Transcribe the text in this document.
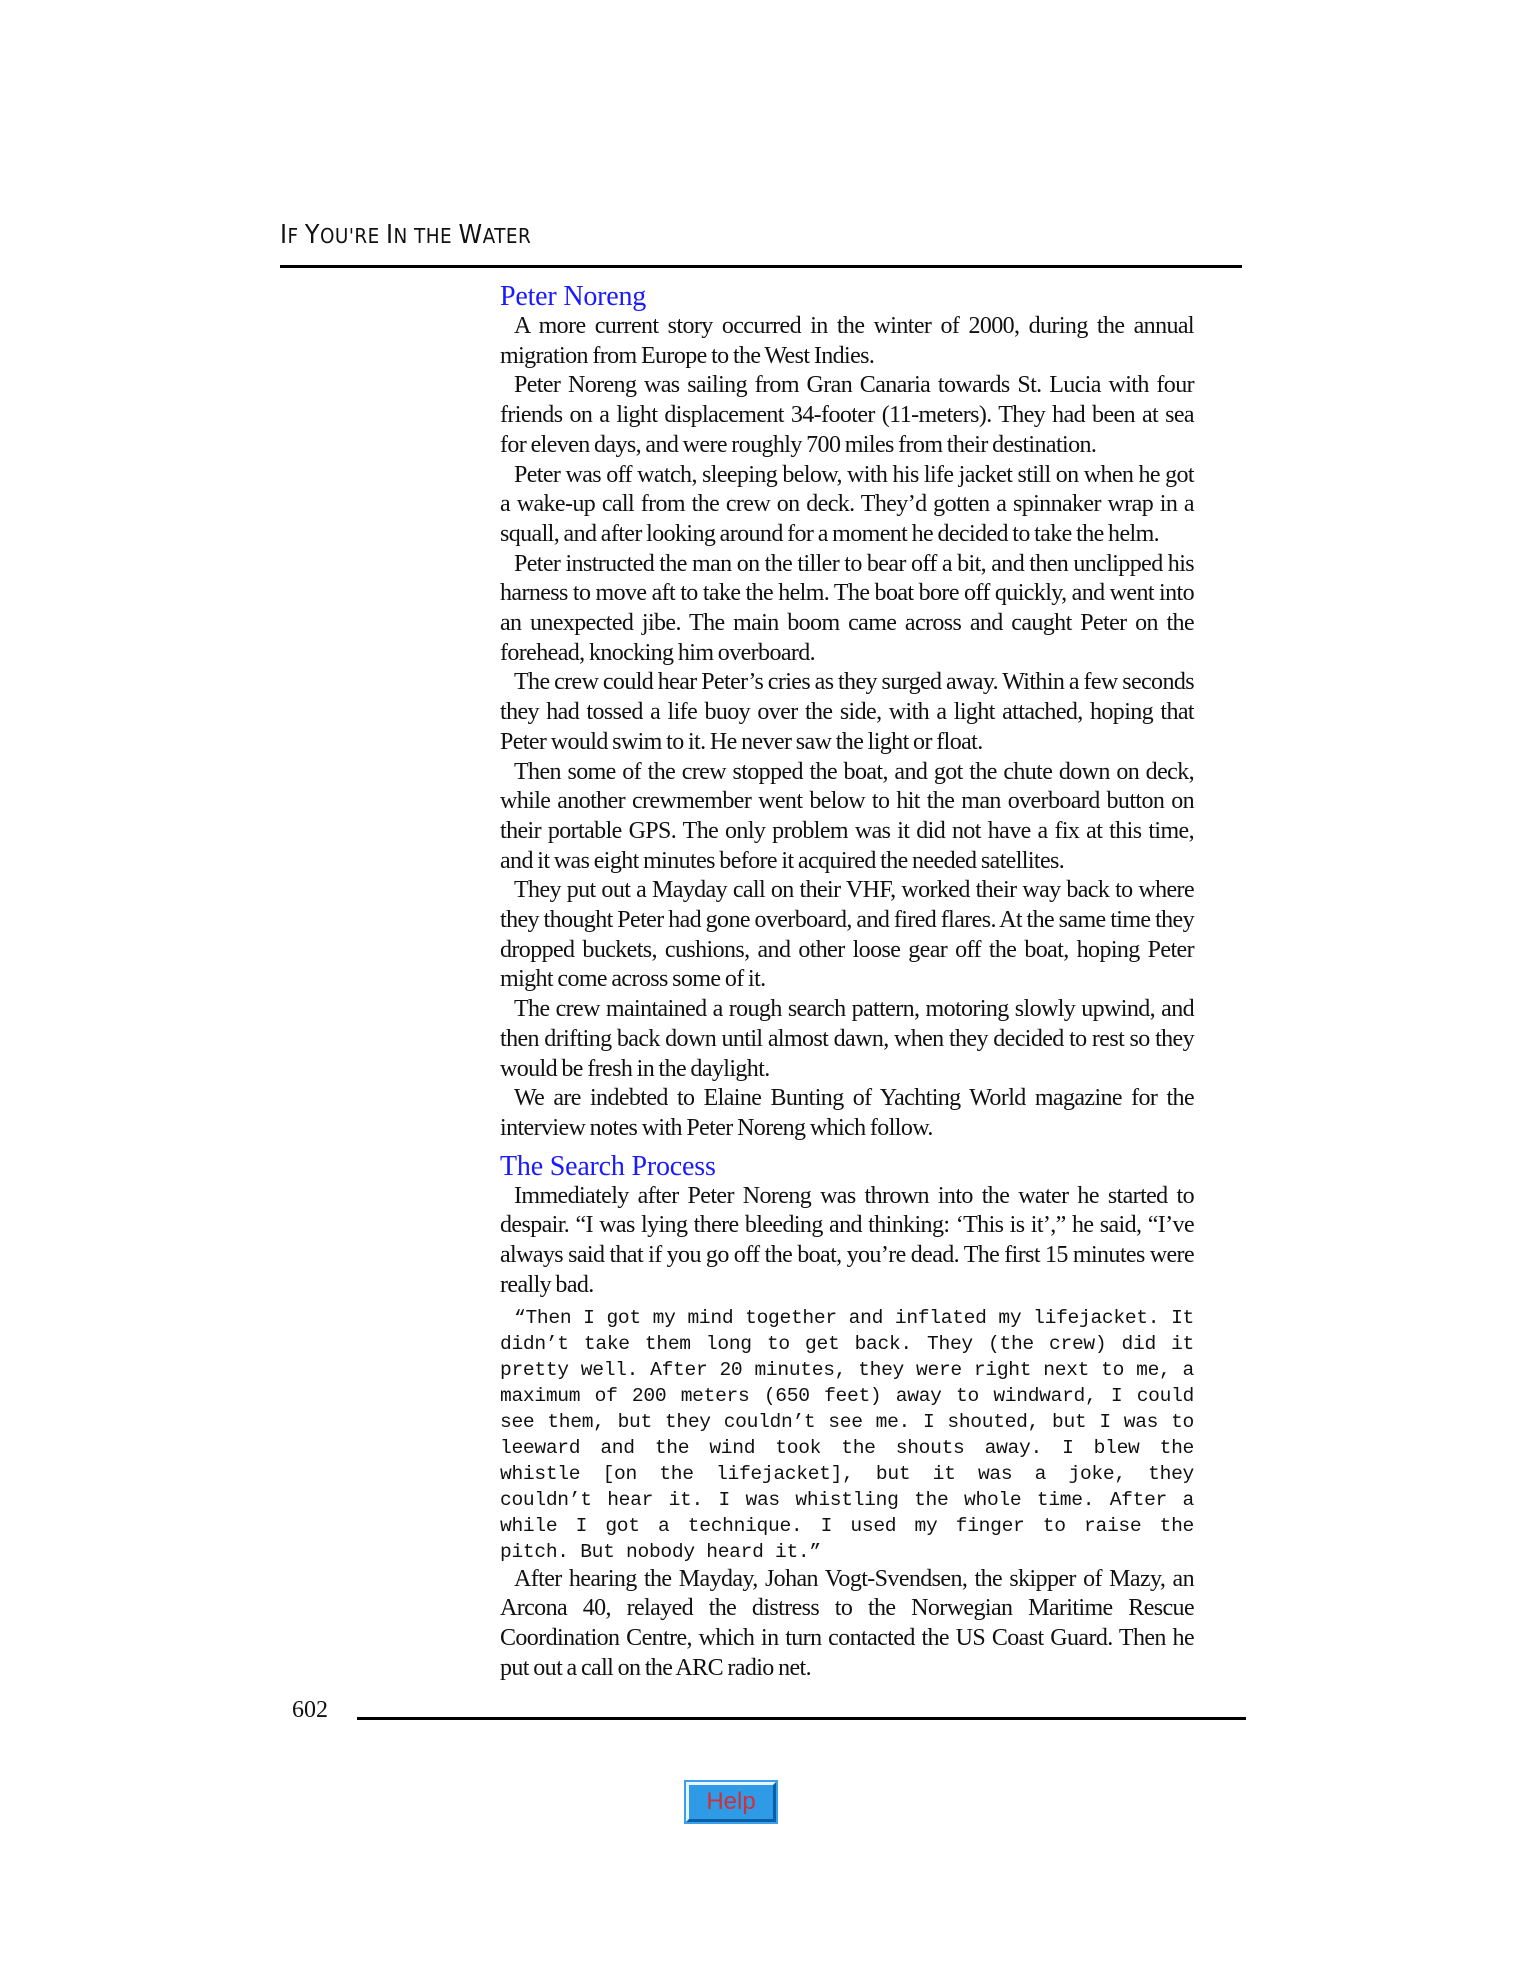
IF YOU'RE IN THE WATER
Peter Noreng

A more current story occurred in the winter of 2000, during the annual migration from Europe to the West Indies.

Peter Noreng was sailing from Gran Canaria towards St. Lucia with four friends on a light displacement 34-footer (11-meters). They had been at sea for eleven days, and were roughly 700 miles from their destination.

Peter was off watch, sleeping below, with his life jacket still on when he got a wake-up call from the crew on deck. They’d gotten a spinnaker wrap in a squall, and after looking around for a moment he decided to take the helm.

Peter instructed the man on the tiller to bear off a bit, and then unclipped his harness to move aft to take the helm. The boat bore off quickly, and went into an unexpected jibe. The main boom came across and caught Peter on the forehead, knocking him overboard.

The crew could hear Peter’s cries as they surged away. Within a few seconds they had tossed a life buoy over the side, with a light attached, hoping that Peter would swim to it. He never saw the light or float.

Then some of the crew stopped the boat, and got the chute down on deck, while another crewmember went below to hit the man overboard button on their portable GPS. The only problem was it did not have a fix at this time, and it was eight minutes before it acquired the needed satellites.

They put out a Mayday call on their VHF, worked their way back to where they thought Peter had gone overboard, and fired flares. At the same time they dropped buckets, cushions, and other loose gear off the boat, hoping Peter might come across some of it.

The crew maintained a rough search pattern, motoring slowly upwind, and then drifting back down until almost dawn, when they decided to rest so they would be fresh in the daylight.

We are indebted to Elaine Bunting of Yachting World magazine for the interview notes with Peter Noreng which follow.

The Search Process

Immediately after Peter Noreng was thrown into the water he started to despair. “I was lying there bleeding and thinking: ‘This is it’,” he said, “I’ve always said that if you go off the boat, you’re dead. The first 15 minutes were really bad.

“Then I got my mind together and inflated my lifejacket. It didn’t take them long to get back. They (the crew) did it pretty well. After 20 minutes, they were right next to me, a maximum of 200 meters (650 feet) away to windward, I could see them, but they couldn’t see me. I shouted, but I was to leeward and the wind took the shouts away. I blew the whistle [on the lifejacket], but it was a joke, they couldn’t hear it. I was whistling the whole time. After a while I got a technique. I used my finger to raise the pitch. But nobody heard it.”

After hearing the Mayday, Johan Vogt-Svendsen, the skipper of Mazy, an Arcona 40, relayed the distress to the Norwegian Maritime Rescue Coordination Centre, which in turn contacted the US Coast Guard. Then he put out a call on the ARC radio net.

602
Help
